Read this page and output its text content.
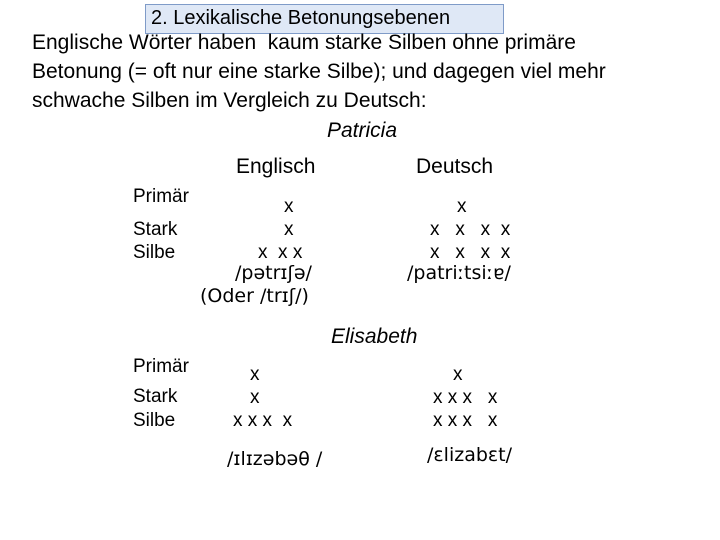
2. Lexikalische Betonungsebenen
Englische Wörter haben  kaum starke Silben ohne primäre
Betonung (= oft nur eine starke Silbe); und dagegen viel mehr
schwache Silben im Vergleich zu Deutsch:
Patricia
Englisch	Deutsch
Primär
Stark
Silbe
x
x
x  x x
/pətrɪʃə/
(Oder /trɪʃ/)
x
x   x   x  x
x   x   x  x
/patriːtsiːɐ/
Elisabeth
Primär
Stark
Silbe
x
x
x x x  x
/ɪlɪzəbəθ /
x
x x x   x
x x x   x
/ɛlizabɛt/
